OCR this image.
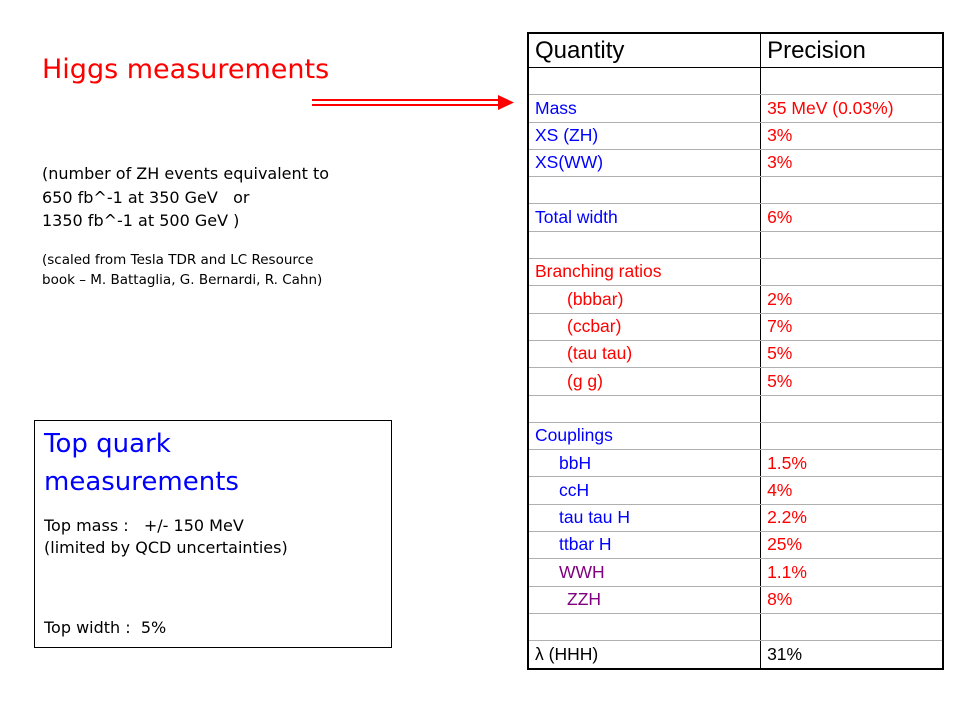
Higgs measurements

(number of ZH events equivalent to
650 fb^-1 at 350 GeV   or
1350 fb^-1 at 500 GeV )

(scaled from Tesla TDR and LC Resource
book – M. Battaglia, G. Bernardi, R. Cahn)

Top quark
measurements

Top mass :   +/- 150 MeV
(limited by QCD uncertainties)

Top width :  5%

Quantity	Precision

Mass	35 MeV (0.03%)

XS (ZH)	3%

XS(WW)	3%

Total width	6%

Branching ratios	

(bbbar)	2%

(ccbar)	7%

(tau tau)	5%

(g g)	5%

Couplings	

bbH	1.5%

ccH	4%

tau tau H	2.2%

ttbar H	25%

WWH	1.1%

ZZH	8%

λ (HHH)	31%
